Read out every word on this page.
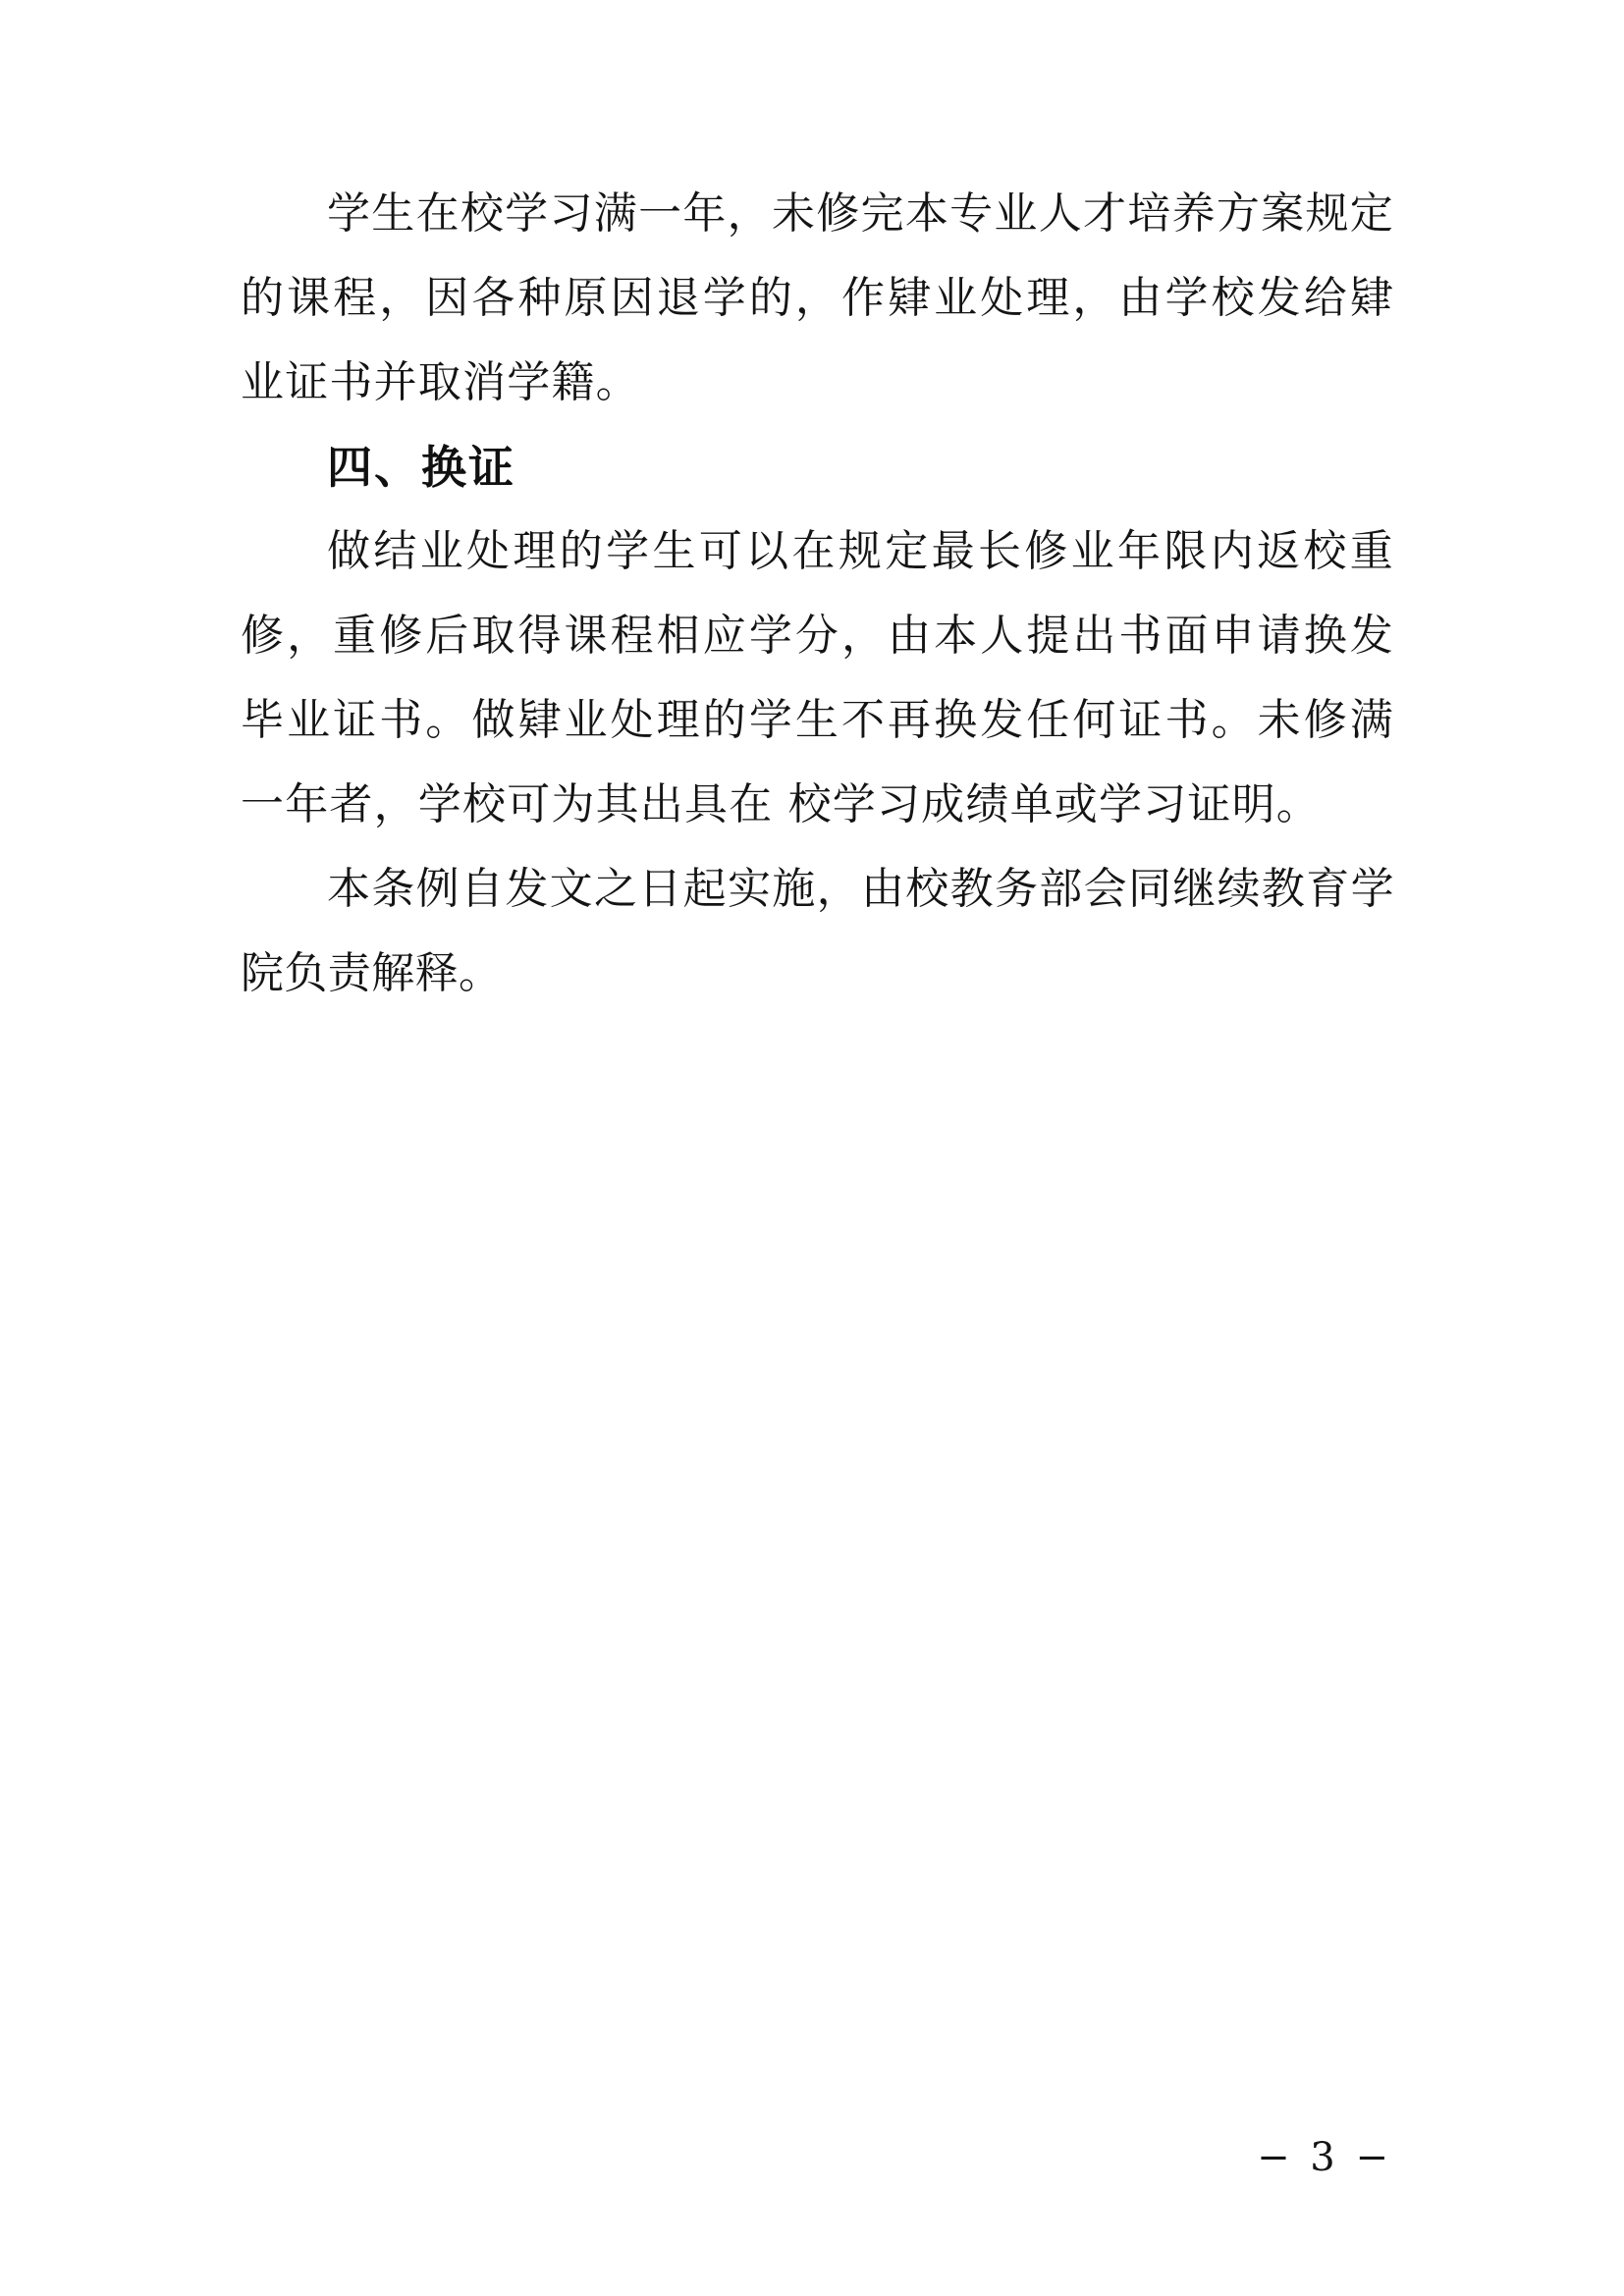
学生在校学习满一年，未修完本专业人才培养方案规定的课程，因各种原因退学的，作肄业处理，由学校发给肄业证书并取消学籍。

四、换证

做结业处理的学生可以在规定最长修业年限内返校重修，重修后取得课程相应学分，由本人提出书面申请换发毕业证书。做肄业处理的学生不再换发任何证书。未修满一年者，学校可为其出具在 校学习成绩单或学习证明。

本条例自发文之日起实施，由校教务部会同继续教育学院负责解释。

− 3 −
